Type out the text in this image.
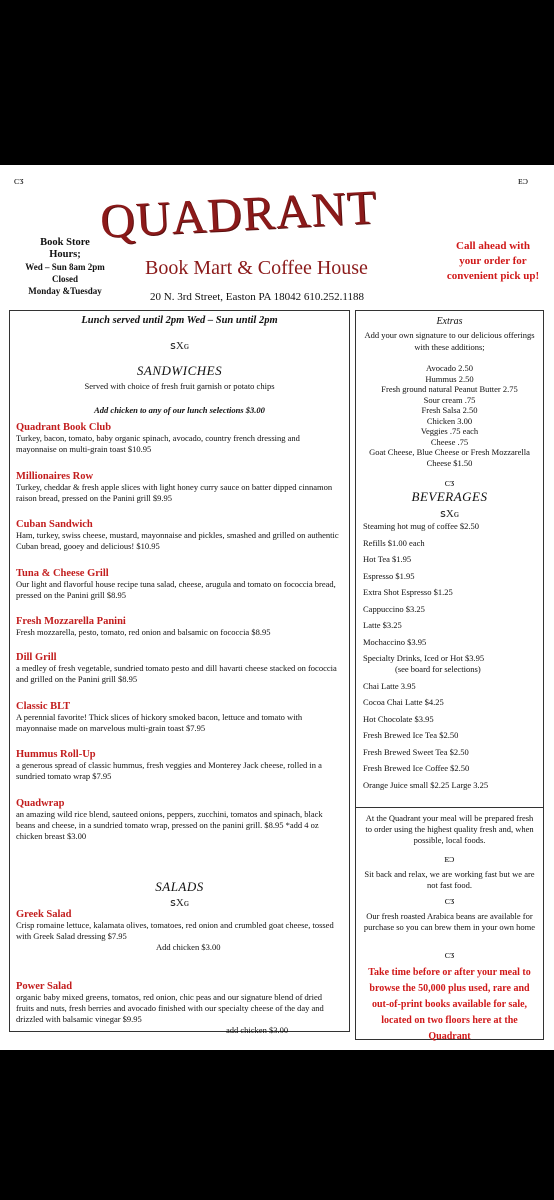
ᴄᴣ	ᴇᴐ
QUADRANT
Book Mart & Coffee House
20 N. 3rd Street, Easton PA 18042 610.252.1188
Book Store
Hours;
Wed – Sun 8am 2pm
Closed
Monday &Tuesday
Call ahead with your order for convenient pick up!
Lunch served until 2pm Wed – Sun until 2pm
ꜱXɢ
SANDWICHES
Served with choice of fresh fruit garnish or potato chips
Add chicken to any of our lunch selections $3.00
Quadrant Book Club
Turkey, bacon, tomato, baby organic spinach, avocado, country french dressing and mayonnaise on multi-grain toast $10.95
Millionaires Row
Turkey, cheddar & fresh apple slices with light honey curry sauce on batter dipped cinnamon raison bread, pressed on the Panini grill $9.95
Cuban Sandwich
Ham, turkey, swiss cheese, mustard, mayonnaise and pickles, smashed and grilled on authentic Cuban bread, gooey and delicious! $10.95
Tuna & Cheese Grill
Our light and flavorful house recipe tuna salad, cheese, arugula and tomato on fococcia bread, pressed on the Panini grill $8.95
Fresh Mozzarella Panini
Fresh mozzarella, pesto, tomato, red onion and balsamic on fococcia $8.95
Dill Grill
a medley of fresh vegetable, sundried tomato pesto and dill havarti cheese stacked on fococcia and grilled on the Panini grill $8.95
Classic BLT
A perennial favorite! Thick slices of hickory smoked bacon, lettuce and tomato with mayonnaise made on marvelous multi-grain toast $7.95
Hummus Roll-Up
a generous spread of classic hummus, fresh veggies and Monterey Jack cheese, rolled in a sundried tomato wrap $7.95
Quadwrap
an amazing wild rice blend, sauteed onions, peppers, zucchini, tomatos and spinach, black beans and cheese, in a sundried tomato wrap, pressed on the panini grill. $8.95 *add 4 oz chicken breast $3.00
SALADS
ꜱXɢ
Greek Salad
Crisp romaine lettuce, kalamata olives, tomatoes, red onion and crumbled goat cheese, tossed with Greek Salad dressing $7.95
Add chicken $3.00
Power Salad
organic baby mixed greens, tomatos, red onion, chic peas and our signature blend of dried fruits and nuts, fresh berries and avocado finished with our specialty cheese of the day and drizzled with balsamic vinegar $9.95
add chicken $3.00
Extras
Add your own signature to our delicious offerings with these additions;
Avocado 2.50
Hummus 2.50
Fresh ground natural Peanut Butter 2.75
Sour cream .75
Fresh Salsa 2.50
Chicken 3.00
Veggies .75 each
Cheese .75
Goat Cheese, Blue Cheese or Fresh Mozzarella Cheese $1.50
ᴄᴣ
BEVERAGES
ꜱXɢ
Steaming hot mug of coffee $2.50
Refills $1.00 each
Hot Tea $1.95
Espresso $1.95
Extra Shot Espresso $1.25
Cappuccino $3.25
Latte $3.25
Mochaccino $3.95
Specialty Drinks, Iced or Hot $3.95
(see board for selections)
Chai Latte 3.95
Cocoa Chai Latte $4.25
Hot Chocolate $3.95
Fresh Brewed Ice Tea $2.50
Fresh Brewed Sweet Tea $2.50
Fresh Brewed Ice Coffee $2.50
Orange Juice small $2.25 Large 3.25
At the Quadrant your meal will be prepared fresh to order using the highest quality fresh and, when possible, local foods.
ᴇᴐ
Sit back and relax, we are working fast but we are not fast food.
ᴄᴣ
Our fresh roasted Arabica beans are available for purchase so you can brew them in your own home
ᴄᴣ
Take time before or after your meal to browse the 50,000 plus used, rare and out-of-print books available for sale, located on two floors here at the Quadrant
